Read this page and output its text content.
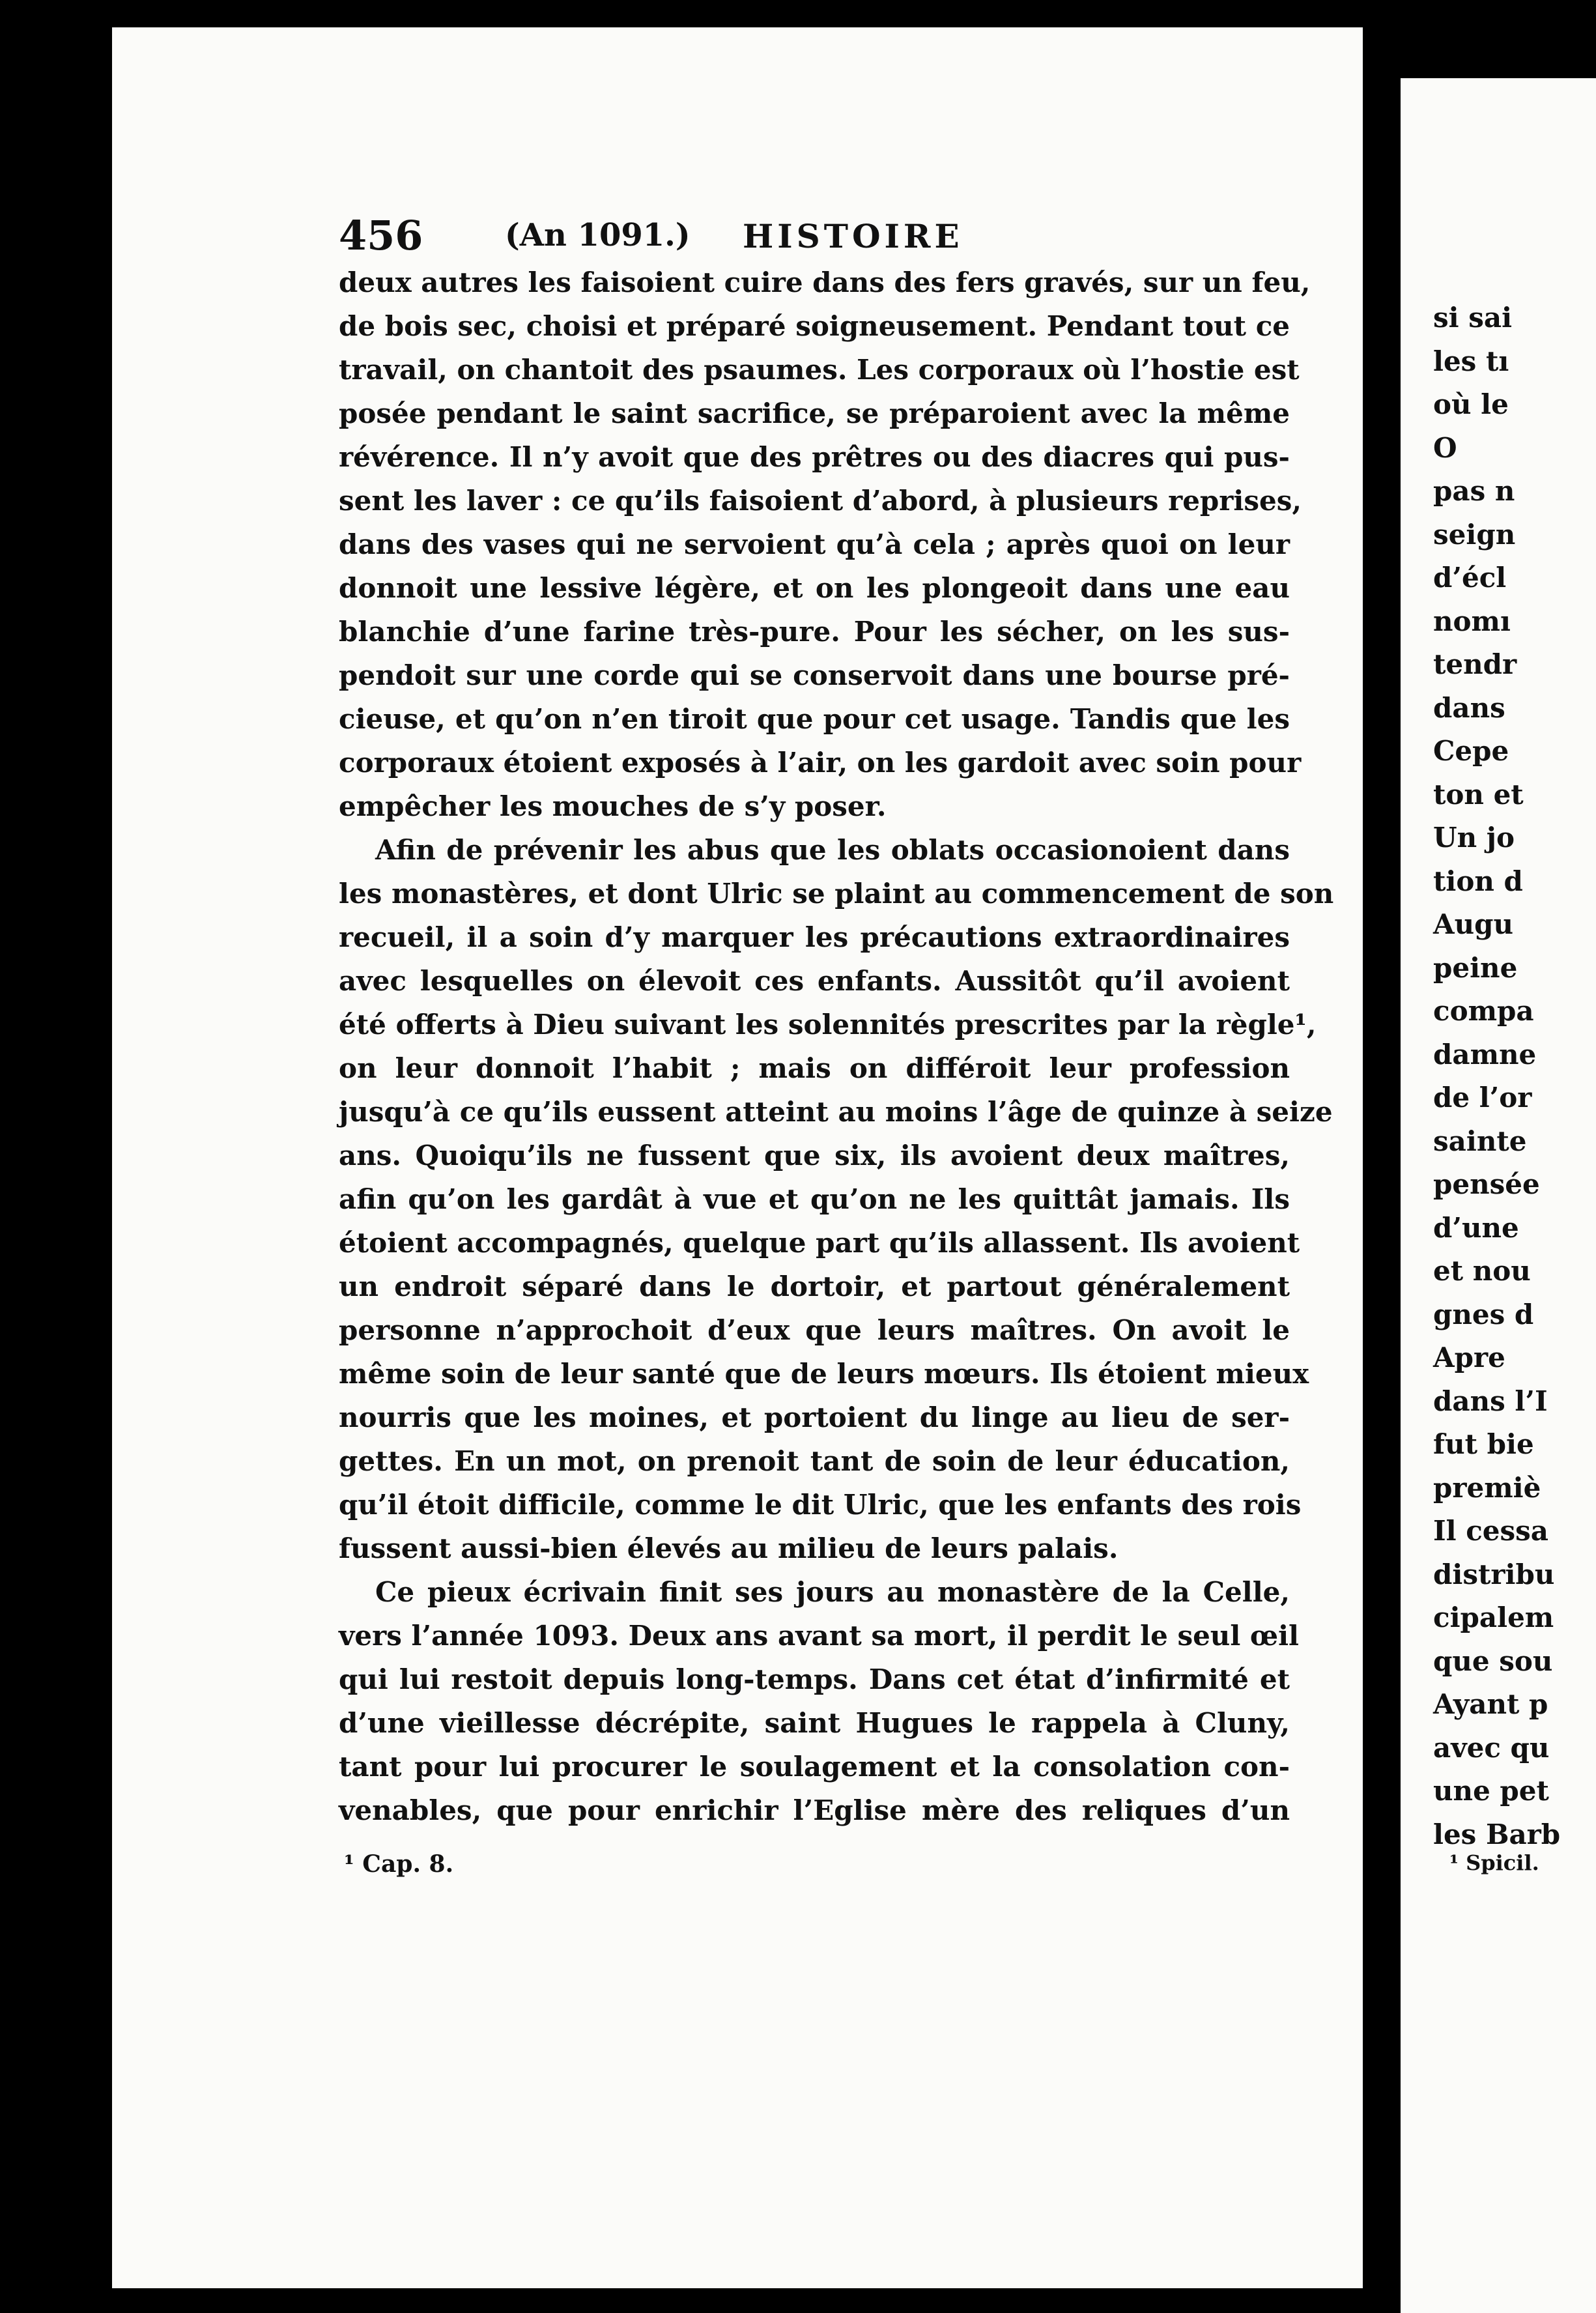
456	(An 1091.) HISTOIRE
deux autres les faisoient cuire dans des fers gravés, sur un feu,
de bois sec, choisi et préparé soigneusement. Pendant tout ce
travail, on chantoit des psaumes. Les corporaux où l’hostie est
posée pendant le saint sacrifice, se préparoient avec la même
révérence. Il n’y avoit que des prêtres ou des diacres qui pus-
sent les laver : ce qu’ils faisoient d’abord, à plusieurs reprises,
dans des vases qui ne servoient qu’à cela ; après quoi on leur
donnoit une lessive légère, et on les plongeoit dans une eau
blanchie d’une farine très-pure. Pour les sécher, on les sus-
pendoit sur une corde qui se conservoit dans une bourse pré-
cieuse, et qu’on n’en tiroit que pour cet usage. Tandis que les
corporaux étoient exposés à l’air, on les gardoit avec soin pour
empêcher les mouches de s’y poser.
Afin de prévenir les abus que les oblats occasionoient dans
les monastères, et dont Ulric se plaint au commencement de son
recueil, il a soin d’y marquer les précautions extraordinaires
avec lesquelles on élevoit ces enfants. Aussitôt qu’il avoient
été offerts à Dieu suivant les solennités prescrites par la règle¹,
on leur donnoit l’habit ; mais on différoit leur profession
jusqu’à ce qu’ils eussent atteint au moins l’âge de quinze à seize
ans. Quoiqu’ils ne fussent que six, ils avoient deux maîtres,
afin qu’on les gardât à vue et qu’on ne les quittât jamais. Ils
étoient accompagnés, quelque part qu’ils allassent. Ils avoient
un endroit séparé dans le dortoir, et partout généralement
personne n’approchoit d’eux que leurs maîtres. On avoit le
même soin de leur santé que de leurs mœurs. Ils étoient mieux
nourris que les moines, et portoient du linge au lieu de ser-
gettes. En un mot, on prenoit tant de soin de leur éducation,
qu’il étoit difficile, comme le dit Ulric, que les enfants des rois
fussent aussi-bien élevés au milieu de leurs palais.
Ce pieux écrivain finit ses jours au monastère de la Celle,
vers l’année 1093. Deux ans avant sa mort, il perdit le seul œil
qui lui restoit depuis long-temps. Dans cet état d’infirmité et
d’une vieillesse décrépite, saint Hugues le rappela à Cluny,
tant pour lui procurer le soulagement et la consolation con-
venables, que pour enrichir l’Eglise mère des reliques d’un
¹ Cap. 8.
si sai
les tı
où le
O
pas n
seign
d’écl
nomı
tendr
dans
Cepe
ton et
Un jo
tion d
Augu
peine
compa
damne
de l’or
sainte
pensée
d’une
et nou
gnes d
Apre
dans l’I
fut bie
premiè
Il cessa
distribu
cipalem
que sou
Ayant p
avec qu
une pet
les Barb
¹ Spicil.
